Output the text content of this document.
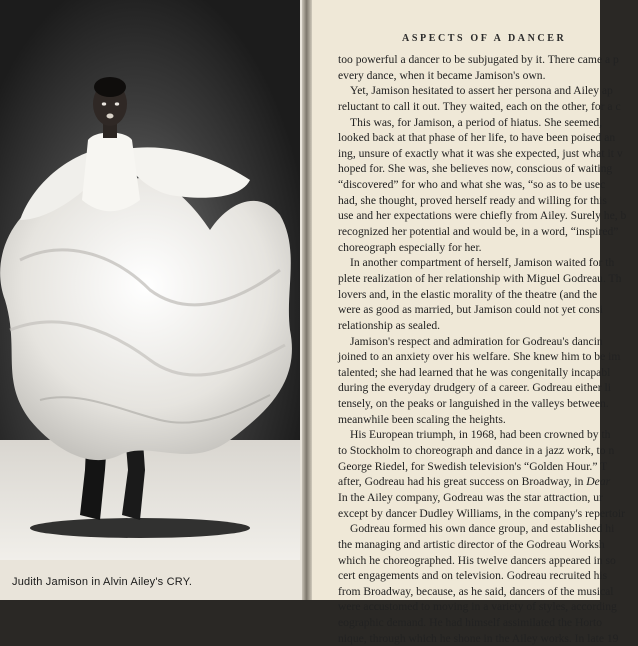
Judith Jamison in Alvin Ailey's CRY.
ASPECTS OF A DANCER
too powerful a dancer to be subjugated by it. There came a p
every dance, when it became Jamison's own.
Yet, Jamison hesitated to assert her persona and Ailey ap
reluctant to call it out. They waited, each on the other, for a c
This was, for Jamison, a period of hiatus. She seemed,
looked back at that phase of her life, to have been poised an
ing, unsure of exactly what it was she expected, just what it v
hoped for. She was, she believes now, conscious of waiting
“discovered” for who and what she was, “so as to be usec
had, she thought, proved herself ready and willing for this
use and her expectations were chiefly from Ailey. Surely he, b
recognized her potential and would be, in a word, “inspired”
choreograph especially for her.
In another compartment of herself, Jamison waited for th
plete realization of her relationship with Miguel Godreau. Th
lovers and, in the elastic morality of the theatre (and the
were as good as married, but Jamison could not yet consi
relationship as sealed.
Jamison's respect and admiration for Godreau's dancin
joined to an anxiety over his welfare. She knew him to be im
talented; she had learned that he was congenitally incapabl
during the everyday drudgery of a career. Godreau either li
tensely, on the peaks or languished in the valleys between.
meanwhile been scaling the heights.
His European triumph, in 1968, had been crowned by th
to Stockholm to choreograph and dance in a jazz work, to n
George Riedel, for Swedish television's “Golden Hour.” T
after, Godreau had his great success on Broadway, in Dear
In the Ailey company, Godreau was the star attraction, ur
except by dancer Dudley Williams, in the company's repertoir
Godreau formed his own dance group, and established hi
the managing and artistic director of the Godreau Worksh
which he choreographed. His twelve dancers appeared in so
cert engagements and on television. Godreau recruited his
from Broadway, because, as he said, dancers of the musical
were accustomed to moving in a variety of styles, according
eographic demand. He had himself assimilated the Horto
nique, through which he shone in the Ailey works. In late 19
